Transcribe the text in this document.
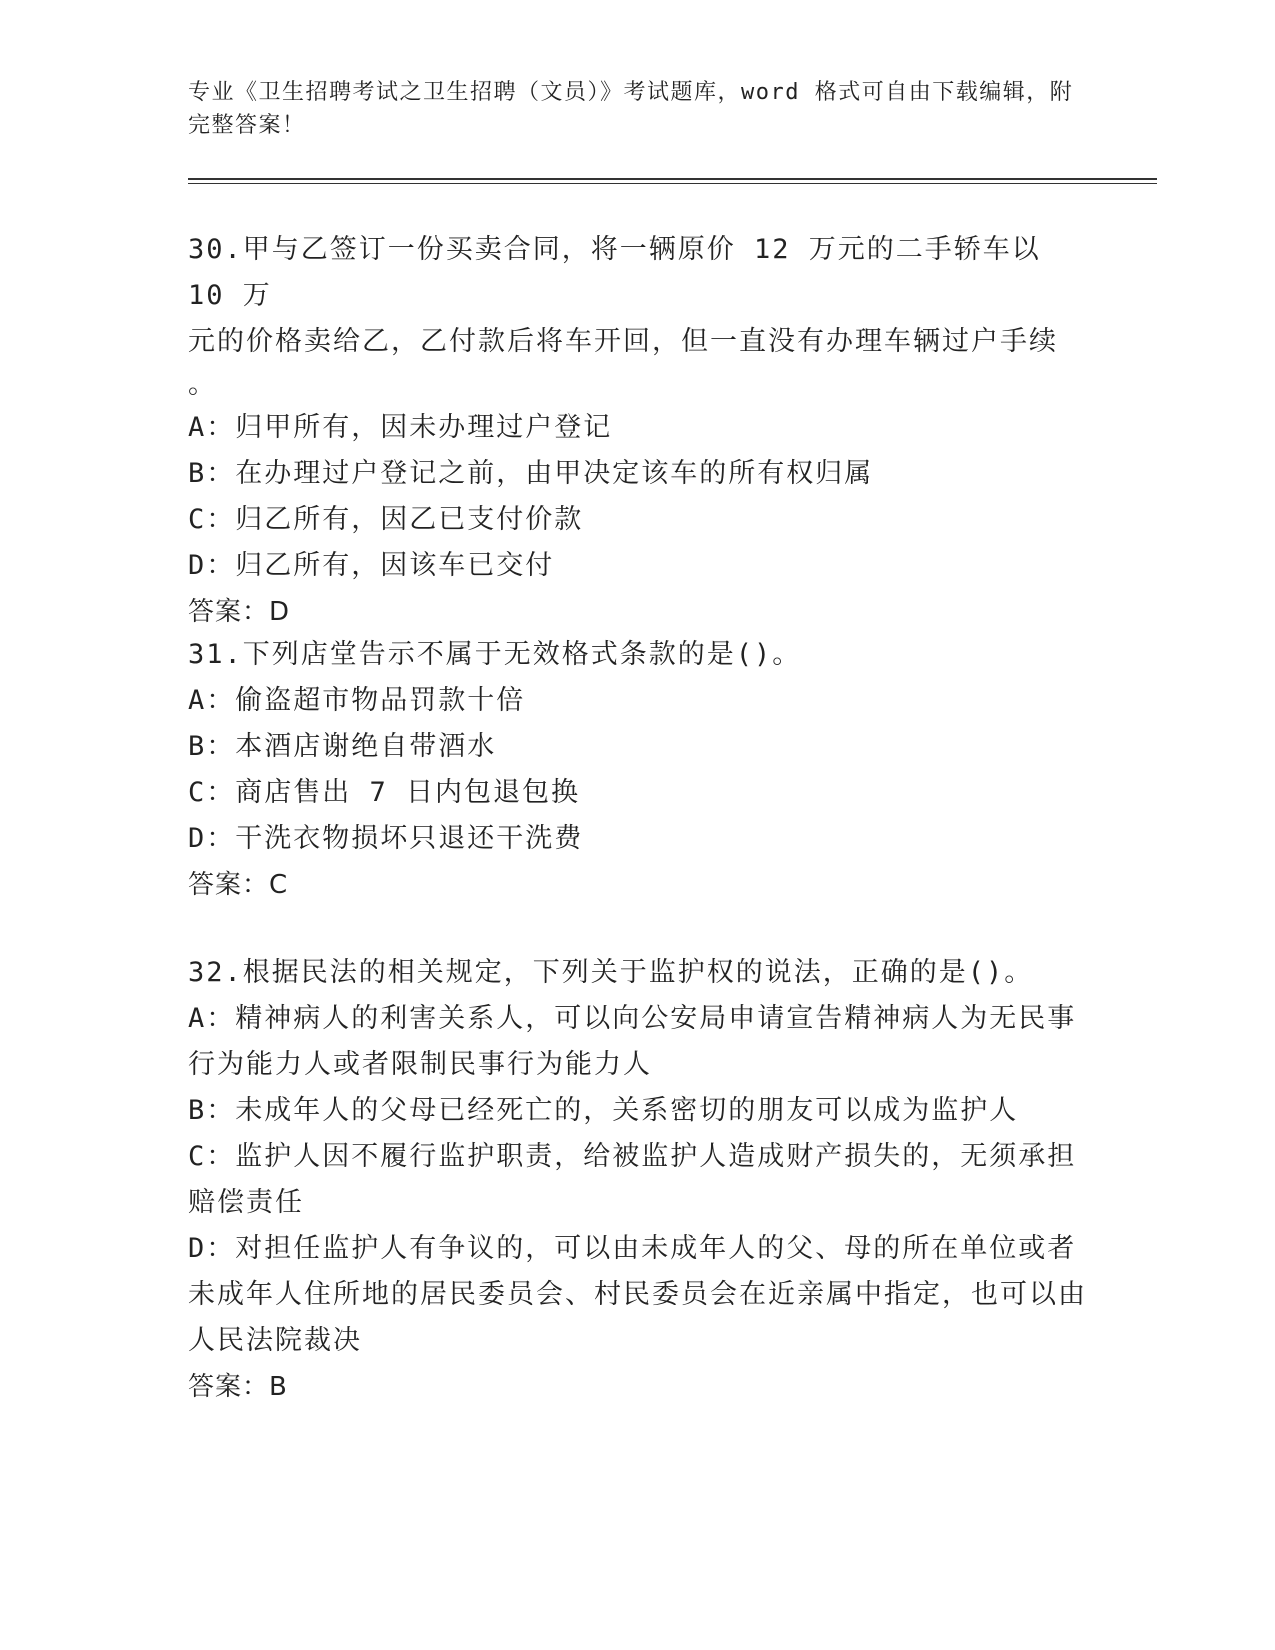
专业《卫生招聘考试之卫生招聘（文员）》考试题库，word 格式可自由下载编辑，附完整答案！
30.甲与乙签订一份买卖合同，将一辆原价 12 万元的二手轿车以 10 万
元的价格卖给乙，乙付款后将车开回，但一直没有办理车辆过户手续
。
A：归甲所有，因未办理过户登记
B：在办理过户登记之前，由甲决定该车的所有权归属
C：归乙所有，因乙已支付价款
D：归乙所有，因该车已交付
答案：D
31.下列店堂告示不属于无效格式条款的是()。
A：偷盗超市物品罚款十倍
B：本酒店谢绝自带酒水
C：商店售出 7 日内包退包换
D：干洗衣物损坏只退还干洗费
答案：C
32.根据民法的相关规定，下列关于监护权的说法，正确的是()。
A：精神病人的利害关系人，可以向公安局申请宣告精神病人为无民事行为能力人或者限制民事行为能力人
B：未成年人的父母已经死亡的，关系密切的朋友可以成为监护人
C：监护人因不履行监护职责，给被监护人造成财产损失的，无须承担赔偿责任
D：对担任监护人有争议的，可以由未成年人的父、母的所在单位或者未成年人住所地的居民委员会、村民委员会在近亲属中指定，也可以由人民法院裁决
答案：B
